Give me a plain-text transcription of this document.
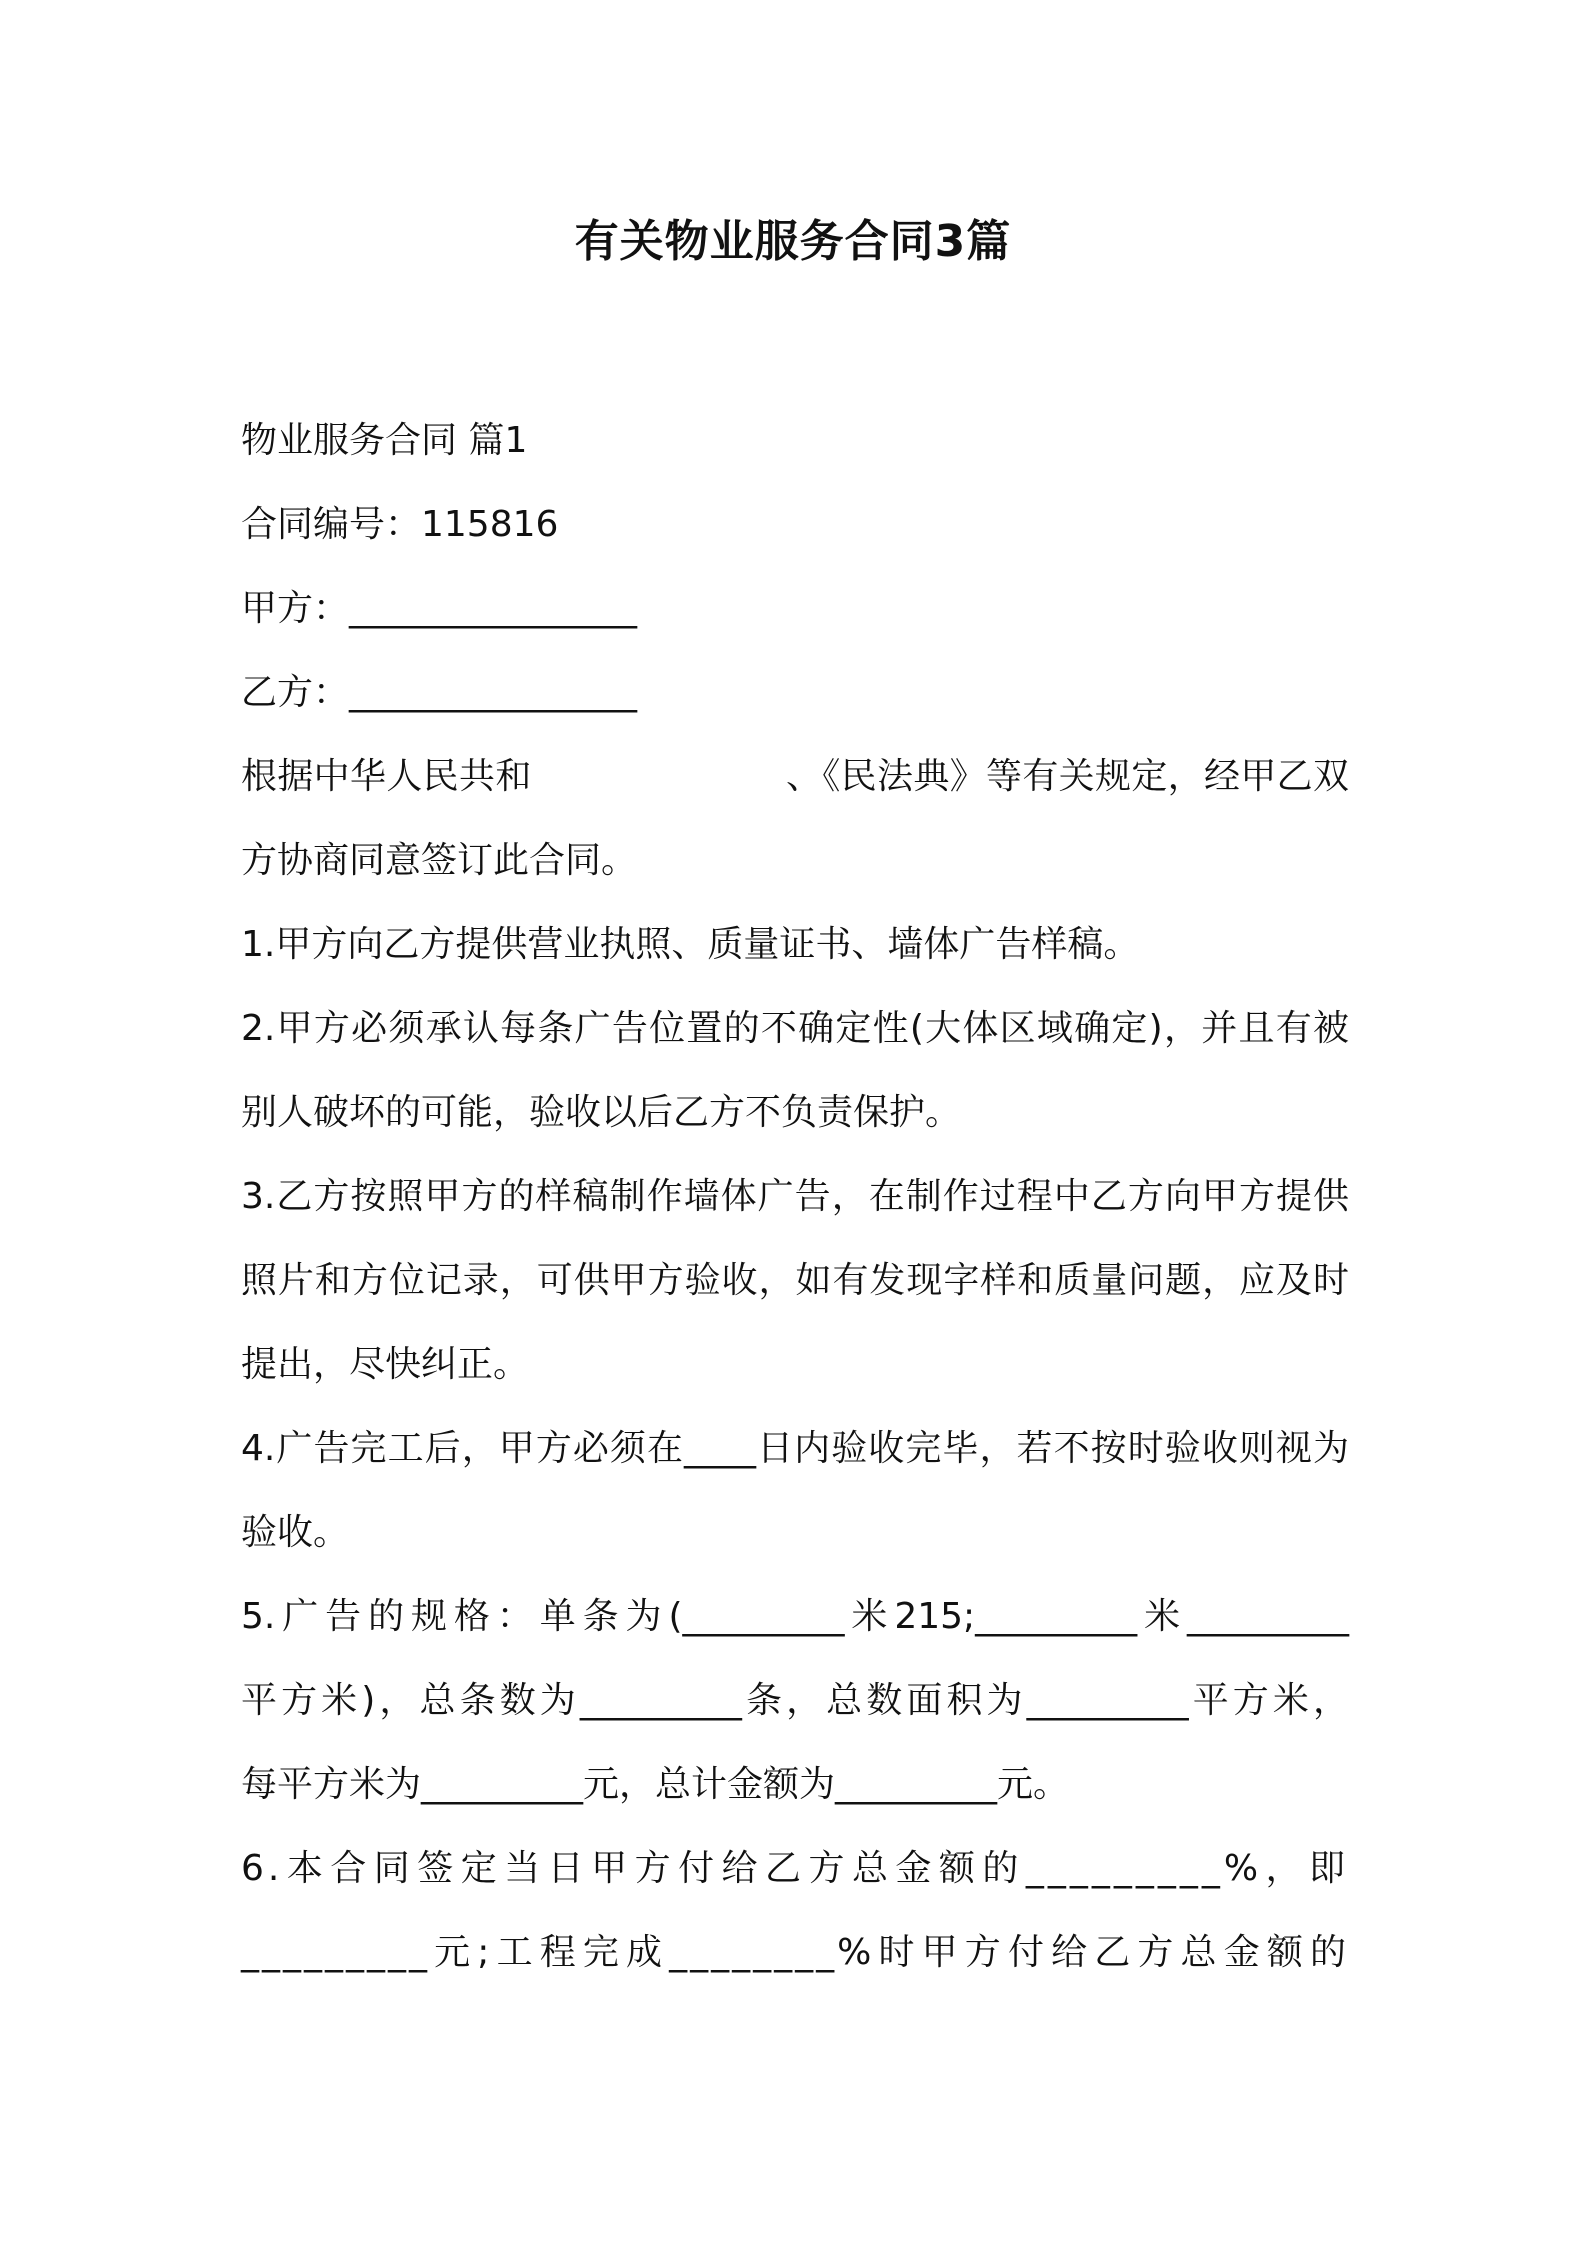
有关物业服务合同3篇
物业服务合同 篇1
合同编号：115816
甲方：________________
乙方：________________
根据中华人民共和　　　　　　　、《民法典》等有关规定，经甲乙双
方协商同意签订此合同。
1.甲方向乙方提供营业执照、质量证书、墙体广告样稿。
2.甲方必须承认每条广告位置的不确定性(大体区域确定)，并且有被
别人破坏的可能，验收以后乙方不负责保护。
3.乙方按照甲方的样稿制作墙体广告，在制作过程中乙方向甲方提供
照片和方位记录，可供甲方验收，如有发现字样和质量问题，应及时
提出，尽快纠正。
4.广告完工后，甲方必须在____日内验收完毕，若不按时验收则视为
验收。
5.广告的规格：单条为(_________米215;_________米_________
平方米)，总条数为_________条，总数面积为_________平方米，
每平方米为_________元，总计金额为_________元。
6.本合同签定当日甲方付给乙方总金额的_________%，即
_________元;工程完成________%时甲方付给乙方总金额的
